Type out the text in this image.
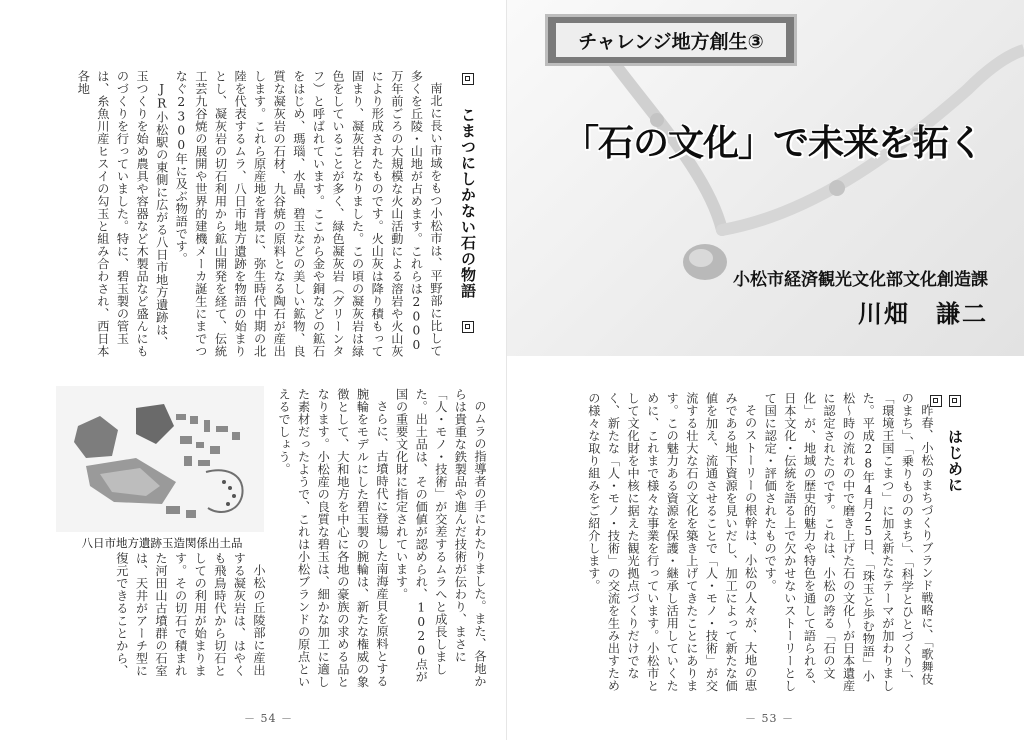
こまつにしかない石の物語

南北に長い市域をもつ小松市は、平野部に比して多くを丘陵・山地が占めます。これらは2000万年前ごろの大規模な火山活動による溶岩や火山灰により形成されたものです。火山灰は降り積もって固まり、凝灰岩となりました。この頃の凝灰岩は緑色をしていることが多く、緑色凝灰岩（グリーンタフ）と呼ばれています。ここから金や銅などの鉱石をはじめ、瑪瑙、水晶、碧玉などの美しい鉱物、良質な凝灰岩の石材、九谷焼の原料となる陶石が産出します。これら原産地を背景に、弥生時代中期の北陸を代表するムラ、八日市地方遺跡を物語の始まりとし、凝灰岩の切石利用から鉱山開発を経て、伝統工芸九谷焼の展開や世界的建機メーカ誕生にまでつなぐ2300年に及ぶ物語です。

JR小松駅の東側に広がる八日市地方遺跡は、玉つくりを始め農具や容器など木製品など盛んにものづくりを行っていました。特に、碧玉製の管玉は、糸魚川産ヒスイの勾玉と組み合わされ、西日本各地

のムラの指導者の手にわたりました。また、各地からは貴重な鉄製品や進んだ技術が伝わり、まさに「人・モノ・技術」が交差するムラへと成長しました。出土品は、その価値が認められ、1020点が国の重要文化財に指定されています。

さらに、古墳時代に登場した南海産貝を原料とする腕輪をモデルにした碧玉製の腕輪は、新たな権威の象徴として、大和地方を中心に各地の豪族の求める品となります。小松産の良質な碧玉は、細かな加工に適した素材だったようで、これは小松ブランドの原点といえるでしょう。

小松の丘陵部に産出する凝灰岩は、はやくも飛鳥時代から切石としての利用が始まります。その切石で積まれた河田山古墳群の石室は、天井がアーチ型に復元できることから、

八日市地方遺跡玉造関係出土品
－ 54 －
チャレンジ地方創生③
「石の文化」で未来を拓く
小松市経済観光文化部文化創造課
川畑　謙二
はじめに

昨春、小松のまちづくりブランド戦略に、「歌舞伎のまち」、「乗りもののまち」、「科学とひとづくり」、「環境王国こまつ」に加え新たなテーマが加わりました。平成28年4月25日、「珠玉と歩む物語」小松～時の流れの中で磨き上げた石の文化～が日本遺産に認定されたのです。これは、小松の誇る「石の文化」が、地域の歴史的魅力や特色を通して語られる、日本文化・伝統を語る上で欠かせないストーリーとして国に認定・評価されたものです。

そのストーリーの根幹は、小松の人々が、大地の恵みである地下資源を見いだし、加工によって新たな価値を加え、流通させることで「人・モノ・技術」が交流する壮大な石の文化を築き上げてきたことにあります。この魅力ある資源を保護・継承し活用していくために、これまで様々な事業を行っています。小松市として文化財を中核に据えた観光拠点づくりだけでなく、新たな「人・モノ・技術」の交流を生み出すための様々な取り組みをご紹介します。

－ 53 －
